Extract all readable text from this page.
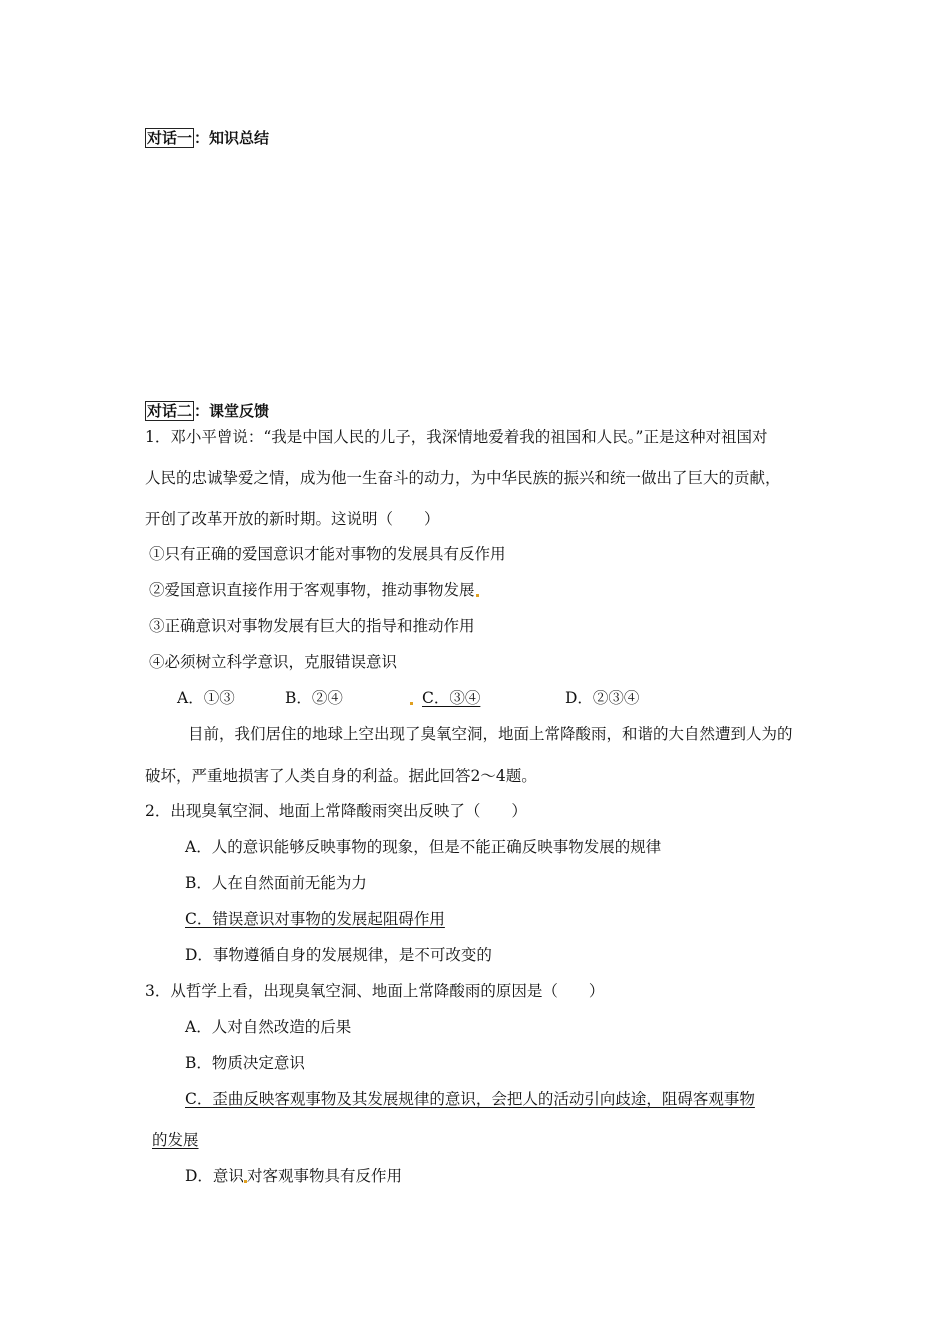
对话一 ：知识总结
对话二 ：课堂反馈
1．邓小平曾说：“我是中国人民的儿子，我深情地爱着我的祖国和人民。”正是这种对祖国对
人民的忠诚挚爱之情，成为他一生奋斗的动力，为中华民族的振兴和统一做出了巨大的贡献，
开创了改革开放的新时期。这说明（　　）
①只有正确的爱国意识才能对事物的发展具有反作用
②爱国意识直接作用于客观事物，推动事物发展
③正确意识对事物发展有巨大的指导和推动作用
④必须树立科学意识，克服错误意识
A．①③	B．②④	C．③④	D．②③④
目前，我们居住的地球上空出现了臭氧空洞，地面上常降酸雨，和谐的大自然遭到人为的
破坏，严重地损害了人类自身的利益。据此回答2～4题。
2．出现臭氧空洞、地面上常降酸雨突出反映了（　　）
A．人的意识能够反映事物的现象，但是不能正确反映事物发展的规律
B．人在自然面前无能为力
C．错误意识对事物的发展起阻碍作用
D．事物遵循自身的发展规律，是不可改变的
3．从哲学上看，出现臭氧空洞、地面上常降酸雨的原因是（　　）
A．人对自然改造的后果
B．物质决定意识
C．歪曲反映客观事物及其发展规律的意识，会把人的活动引向歧途，阻碍客观事物
的发展
D．意识 对客观事物具有反作用
